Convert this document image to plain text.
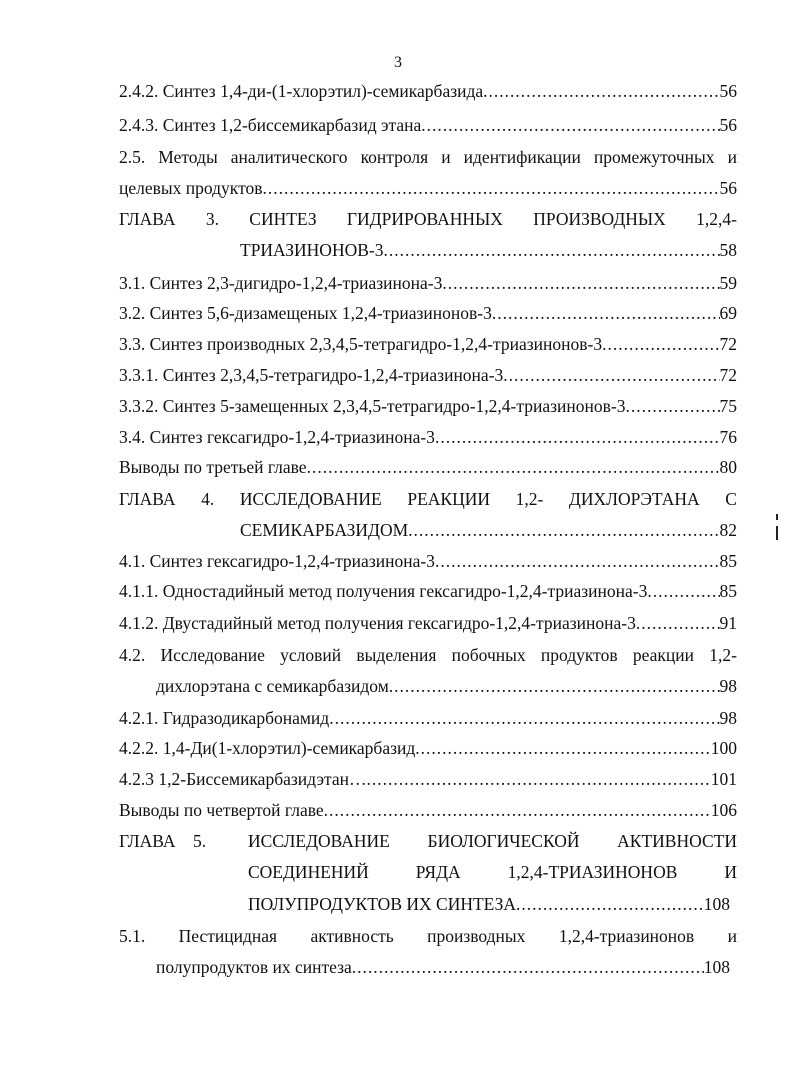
3
2.4.2. Синтез 1,4-ди-(1-хлорэтил)-семикарбазида .....	56
2.4.3. Синтез 1,2-биссемикарбазид этана .....	56
2.5. Методы аналитического контроля и идентификации промежуточных и
целевых продуктов .....	56
ГЛАВА 3. СИНТЕЗ ГИДРИРОВАННЫХ ПРОИЗВОДНЫХ 1,2,4-
ТРИАЗИНОНОВ-3 .....	58
3.1. Синтез 2,3-дигидро-1,2,4-триазинона-3 .....	59
3.2. Синтез 5,6-дизамещеных 1,2,4-триазинонов-3 .....	69
3.3. Синтез производных 2,3,4,5-тетрагидро-1,2,4-триазинонов-3 .....	72
3.3.1. Синтез 2,3,4,5-тетрагидро-1,2,4-триазинона-3 .....	72
3.3.2. Синтез 5-замещенных 2,3,4,5-тетрагидро-1,2,4-триазинонов-3 .....	75
3.4. Синтез гексагидро-1,2,4-триазинона-3 .....	76
Выводы по третьей главе .....	80
ГЛАВА 4. ИССЛЕДОВАНИЕ РЕАКЦИИ 1,2- ДИХЛОРЭТАНА С
СЕМИКАРБАЗИДОМ .....	82
4.1. Синтез гексагидро-1,2,4-триазинона-3 .....	85
4.1.1. Одностадийный метод получения гексагидро-1,2,4-триазинона-3 .....	85
4.1.2. Двустадийный метод получения гексагидро-1,2,4-триазинона-3 .....	91
4.2. Исследование условий выделения побочных продуктов реакции 1,2-
дихлорэтана с семикарбазидом .....	98
4.2.1. Гидразодикарбонамид .....	98
4.2.2. 1,4-Ди(1-хлорэтил)-семикарбазид .....	100
4.2.3 1,2-Биссемикарбазидэтан… .....	101
Выводы по четвертой главе .....	106
ГЛАВА 5. ИССЛЕДОВАНИЕ БИОЛОГИЧЕСКОЙ АКТИВНОСТИ
СОЕДИНЕНИЙ	РЯДА	1,2,4-ТРИАЗИНОНОВ	И
ПОЛУПРОДУКТОВ ИХ СИНТЕЗА .....	108
5.1. Пестицидная активность производных 1,2,4-триазинонов и
полупродуктов их синтеза .....	108
